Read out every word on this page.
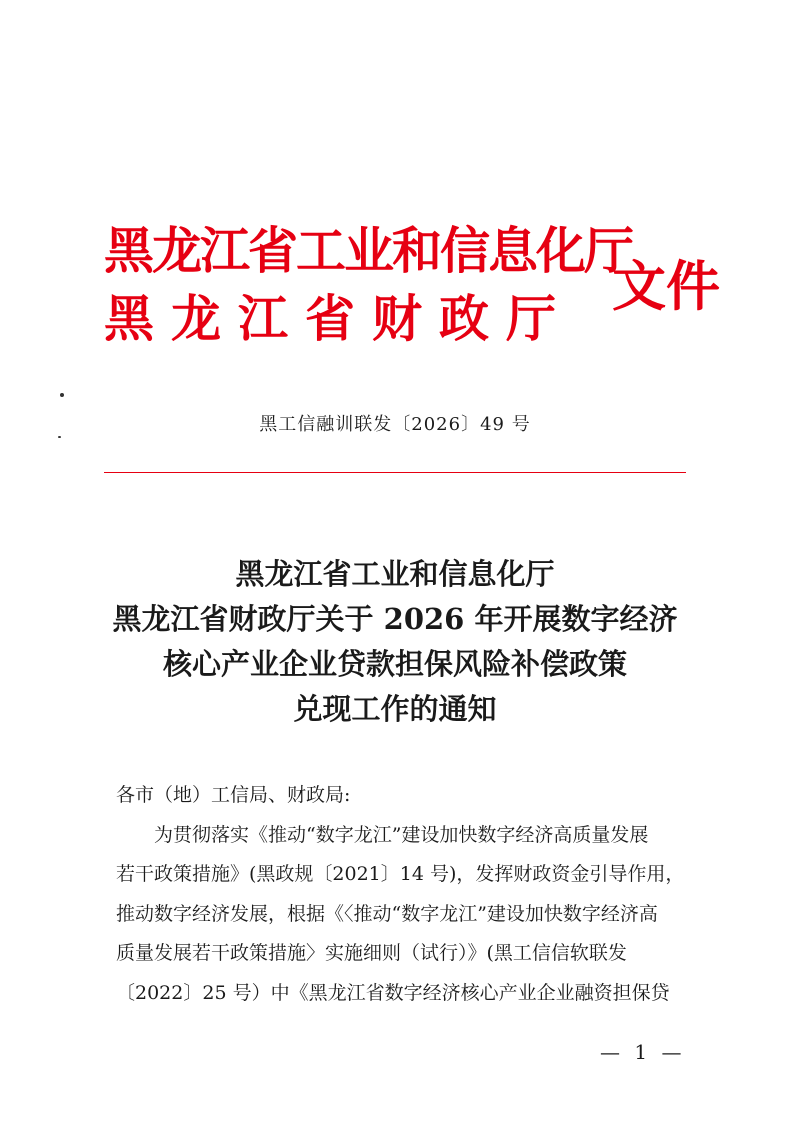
黑龙江省工业和信息化厅
黑龙江省财政厅
文件
黑工信融训联发〔2026〕49 号
黑龙江省工业和信息化厅
黑龙江省财政厅关于 2026 年开展数字经济
核心产业企业贷款担保风险补偿政策
兑现工作的通知
各市（地）工信局、财政局:
为贯彻落实《推动“数字龙江”建设加快数字经济高质量发展
若干政策措施》(黑政规〔2021〕14 号)，发挥财政资金引导作用，
推动数字经济发展，根据《〈推动“数字龙江”建设加快数字经济高
质量发展若干政策措施〉实施细则（试行）》(黑工信信软联发
〔2022〕25 号）中《黑龙江省数字经济核心产业企业融资担保贷
— 1 —
